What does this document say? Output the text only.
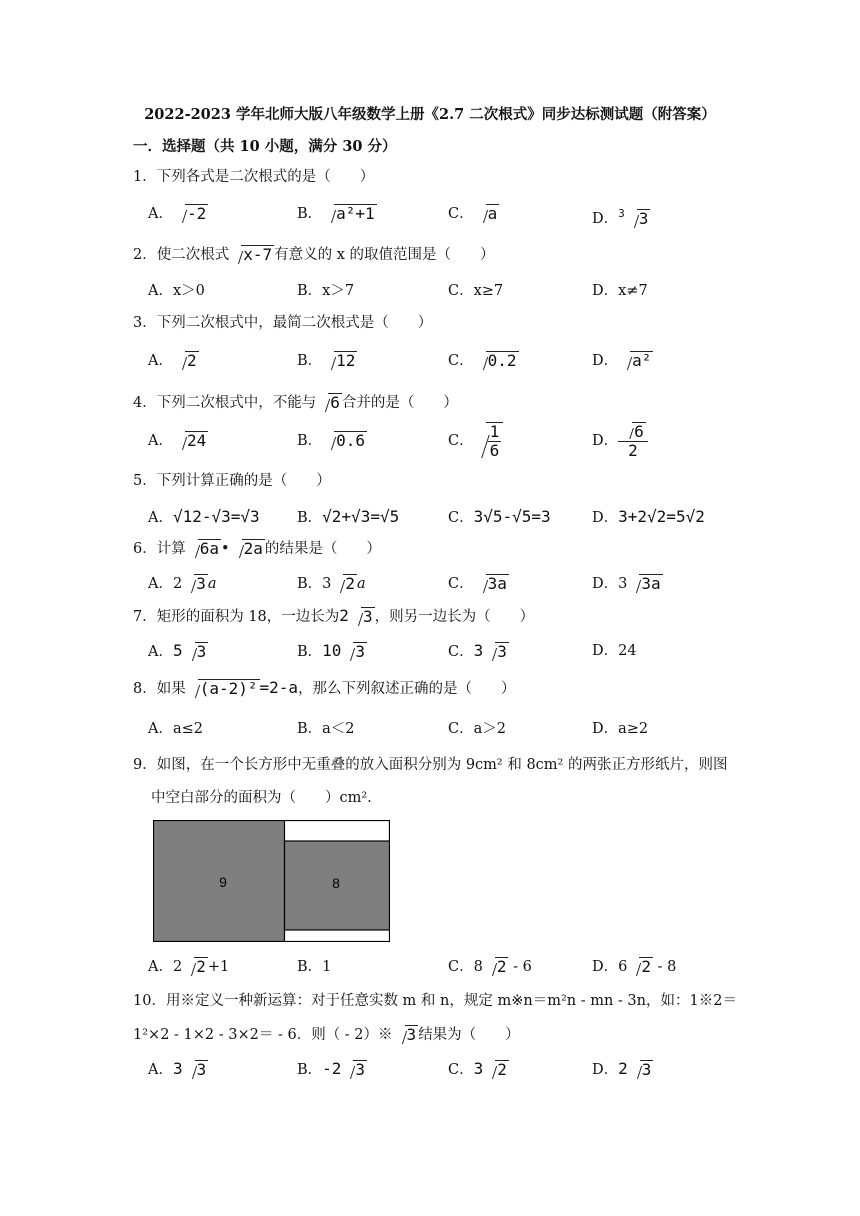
2022-2023 学年北师大版八年级数学上册《2.7 二次根式》同步达标测试题（附答案）
一．选择题（共 10 小题，满分 30 分）
1．下列各式是二次根式的是（　　）
A． -2	B． a²+1	C． a	D．$^3$ 3
2．使二次根式 x-7 有意义的 x 的取值范围是（　　）
A．x＞0	B．x＞7	C．x≥7	D．x≠7
3．下列二次根式中，最简二次根式是（　　）
A． 2	B． 12	C． 0.2	D． a²
4．下列二次根式中，不能与 6 合并的是（　　）
A． 24	B． 0.6	C． $\frac{1}{6}$	D． $\frac{6}{2}$
5．下列计算正确的是（　　）
A．√12-√3=√3	B．√2+√3=√5	C．3√5-√5=3	D．3+2√2=5√2
6．计算 6a • 2a 的结果是（　　）
A．2 3 a	B．3 2 a	C． 3a	D．3 3a
7．矩形的面积为 18，一边长为2 3 ，则另一边长为（　　）
A．5 3	B．10 3	C．3 3	D．24
8．如果 (a-2)² =2-a，那么下列叙述正确的是（　　）
A．a≤2	B．a＜2	C．a＞2	D．a≥2
9．如图，在一个长方形中无重叠的放入面积分别为 9cm² 和 8cm² 的两张正方形纸片，则图
中空白部分的面积为（　　）cm².
9	8
A．2 2 +1	B．1	C．8 2 - 6	D．6 2 - 8
10．用※定义一种新运算：对于任意实数 m 和 n，规定 m※n＝m²n - mn - 3n，如：1※2＝
1²×2 - 1×2 - 3×2＝ - 6．则（ - 2）※ 3 结果为（　　）
A．3 3	B．-2 3	C．3 2	D．2 3
